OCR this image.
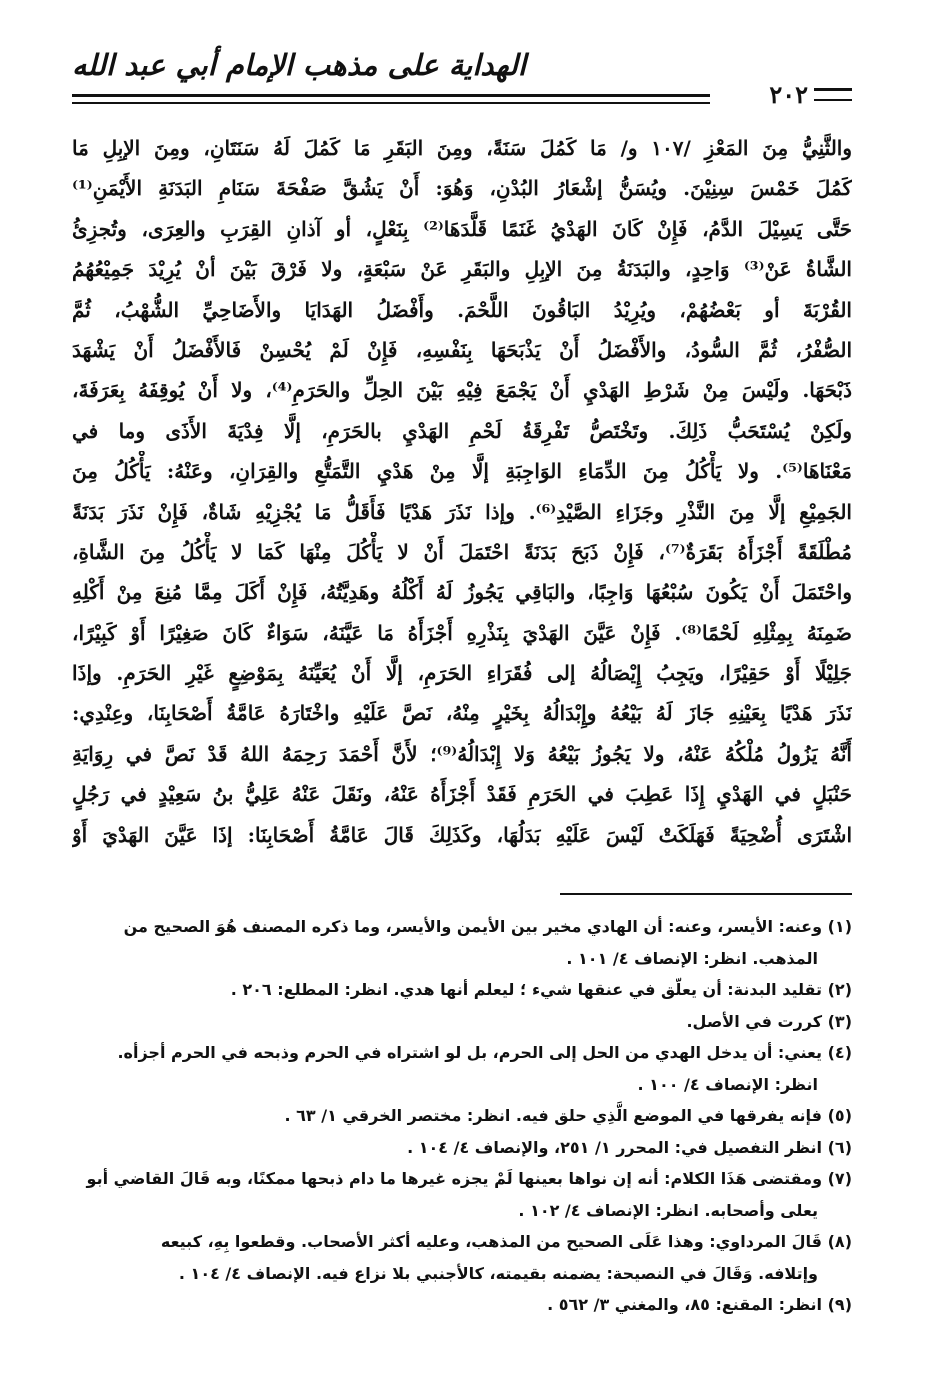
الهداية على مذهب الإمام أبي عبد الله
٢٠٢
والثَّنِيُّ مِنَ المَعْزِ /١٠٧ و/ مَا كَمُلَ سَنَةً، ومِنَ البَقَرِ مَا كَمُلَ لَهُ سَنَتَانِ، ومِنَ الإبِلِ مَا
كَمُلَ خَمْسَ سِنِيْنَ. ويُسَنُّ إشْعَارُ البُدْنِ، وَهُوَ: أَنْ يَشُقَّ صَفْحَةَ سَنَامِ البَدَنَةِ الأَيْمَنِ⁽¹⁾
حَتَّى يَسِيْلَ الدَّمُ، فَإِنْ كَانَ الهَدْيُ غَنَمًا قَلَّدَهَا⁽²⁾ بِنَعْلٍ، أو آذانِ القِرَبِ والعِرَى، وتُجزِئُ
الشَّاةُ عَنْ⁽³⁾ وَاحِدٍ، والبَدَنَةُ مِنَ الإبِلِ والبَقَرِ عَنْ سَبْعَةٍ، ولا فَرْقَ بَيْنَ أنْ يُرِيْدَ جَمِيْعُهُمُ
القُرْبَةَ أو بَعْضُهُمْ، ويُرِيْدُ البَاقُونَ اللَّحْمَ. وأَفْضَلُ الهَدَايَا والأَضَاحِيِّ الشُّهْبُ، ثُمَّ
الصُّفْرُ، ثُمَّ السُّودُ، والأَفْضَلُ أَنْ يَذْبَحَهَا بِنَفْسِهِ، فَإِنْ لَمْ يُحْسِنْ فَالأَفْضَلُ أَنْ يَشْهَدَ
ذَبْحَهَا. ولَيْسَ مِنْ شَرْطِ الهَدْيِ أَنْ يَجْمَعَ فِيْهِ بَيْنَ الحِلِّ والحَرَمِ⁽⁴⁾، ولا أَنْ يُوقِفَهُ بِعَرَفَةَ،
ولَكِنْ يُسْتَحَبُّ ذَلِكَ. وتَخْتَصُّ تَفْرِقَةُ لَحْمِ الهَدْيِ بالحَرَمِ، إلَّا فِدْيَةَ الأَذَى وما في
مَعْنَاهَا⁽⁵⁾. ولا يَأْكُلُ مِنَ الدِّمَاءِ الوَاجِبَةِ إلَّا مِنْ هَدْيِ التَّمَتُّعِ والقِرَانِ، وعَنْهُ: يَأْكُلُ مِنَ
الجَمِيْعِ إلَّا مِنَ النَّذْرِ وجَزَاءِ الصَّيْدِ⁽⁶⁾. وإذا نَذَرَ هَدْيًا فَأَقَلُّ مَا يُجْزِيْهِ شَاةٌ، فَإِنْ نَذَرَ بَدَنَةً
مُطْلَقَةً أَجْزَأَهُ بَقَرَةٌ⁽⁷⁾، فَإِنْ ذَبَحَ بَدَنَةً احْتَمَلَ أَنْ لا يَأْكُلَ مِنْهَا كَمَا لا يَأْكُلُ مِنَ الشَّاةِ،
واحْتَمَلَ أَنْ يَكُونَ سُبْعُهَا وَاجِبًا، والبَاقِي يَجُوزُ لَهُ أَكْلُهُ وهَدِيَّتُهُ، فَإِنْ أَكَلَ مِمَّا مُنِعَ مِنْ أَكْلِهِ
ضَمِنَهُ بِمِثْلِهِ لَحْمًا⁽⁸⁾. فَإِنْ عَيَّنَ الهَدْيَ بِنَذْرِهِ أَجْزَأَهُ مَا عَيَّنَهُ، سَوَاءٌ كَانَ صَغِيْرًا أَوْ كَبِيْرًا،
جَلِيْلًا أَوْ حَقِيْرًا، ويَجِبُ إِيْصَالُهُ إلى فُقَرَاءِ الحَرَمِ، إلَّا أَنْ يُعَيِّنَهُ بِمَوْضِعٍ غَيْرِ الحَرَمِ. وإذَا
نَذَرَ هَدْيًا بِعَيْنِهِ جَازَ لَهُ بَيْعُهُ وإِبْدَالُهُ بِخَيْرٍ مِنْهُ، نَصَّ عَلَيْهِ واخْتَارَهُ عَامَّةُ أَصْحَابِنَا، وعِنْدِي:
أَنَّهُ يَزُولُ مُلْكُهُ عَنْهُ، ولا يَجُوزُ بَيْعُهُ وَلا إِبْدَالُهُ⁽⁹⁾؛ لأَنَّ أَحْمَدَ رَحِمَهُ اللهُ قَدْ نَصَّ في رِوَايَةِ
حَنْبَلٍ في الهَدْيِ إِذَا عَطِبَ في الحَرَمِ فَقَدْ أَجْزَأَهُ عَنْهُ، ونَقَلَ عَنْهُ عَلِيُّ بنُ سَعِيْدٍ في رَجُلٍ
اشْتَرَى أُضْحِيَةً فَهَلَكَتْ لَيْسَ عَلَيْهِ بَدَلُهَا، وكَذَلِكَ قَالَ عَامَّةُ أَصْحَابِنَا: إذَا عَيَّنَ الهَدْيَ أَوْ
(١) وعنه: الأيسر، وعنه: أن الهادي مخير بين الأيمن والأيسر، وما ذكره المصنف هُوَ الصحيح من
المذهب. انظر: الإنصاف ٤/ ١٠١ .
(٢) تقليد البدنة: أن يعلّق في عنقها شيء ؛ ليعلم أنها هدي. انظر: المطلع: ٢٠٦ .
(٣) كررت في الأصل.
(٤) يعني: أن يدخل الهدي من الحل إلى الحرم، بل لو اشتراه في الحرم وذبحه في الحرم أجزأه.
انظر: الإنصاف ٤/ ١٠٠ .
(٥) فإنه يفرقها في الموضع الَّذِي حلق فيه. انظر: مختصر الخرقي ١/ ٦٣ .
(٦) انظر التفصيل في: المحرر ١/ ٢٥١، والإنصاف ٤/ ١٠٤ .
(٧) ومقتضى هَذَا الكلام: أنه إن نواها بعينها لَمْ يجزه غيرها ما دام ذبحها ممكنًا، وبه قَالَ القاضي أبو
يعلى وأصحابه. انظر: الإنصاف ٤/ ١٠٢ .
(٨) قَالَ المرداوي: وهذا عَلَى الصحيح من المذهب، وعليه أكثر الأصحاب. وقطعوا بِهِ، كبيعه
وإتلافه. وَقَالَ في النصيحة: يضمنه بقيمته، كالأجنبي بلا نزاع فيه. الإنصاف ٤/ ١٠٤ .
(٩) انظر: المقنع: ٨٥، والمغني ٣/ ٥٦٢ .
